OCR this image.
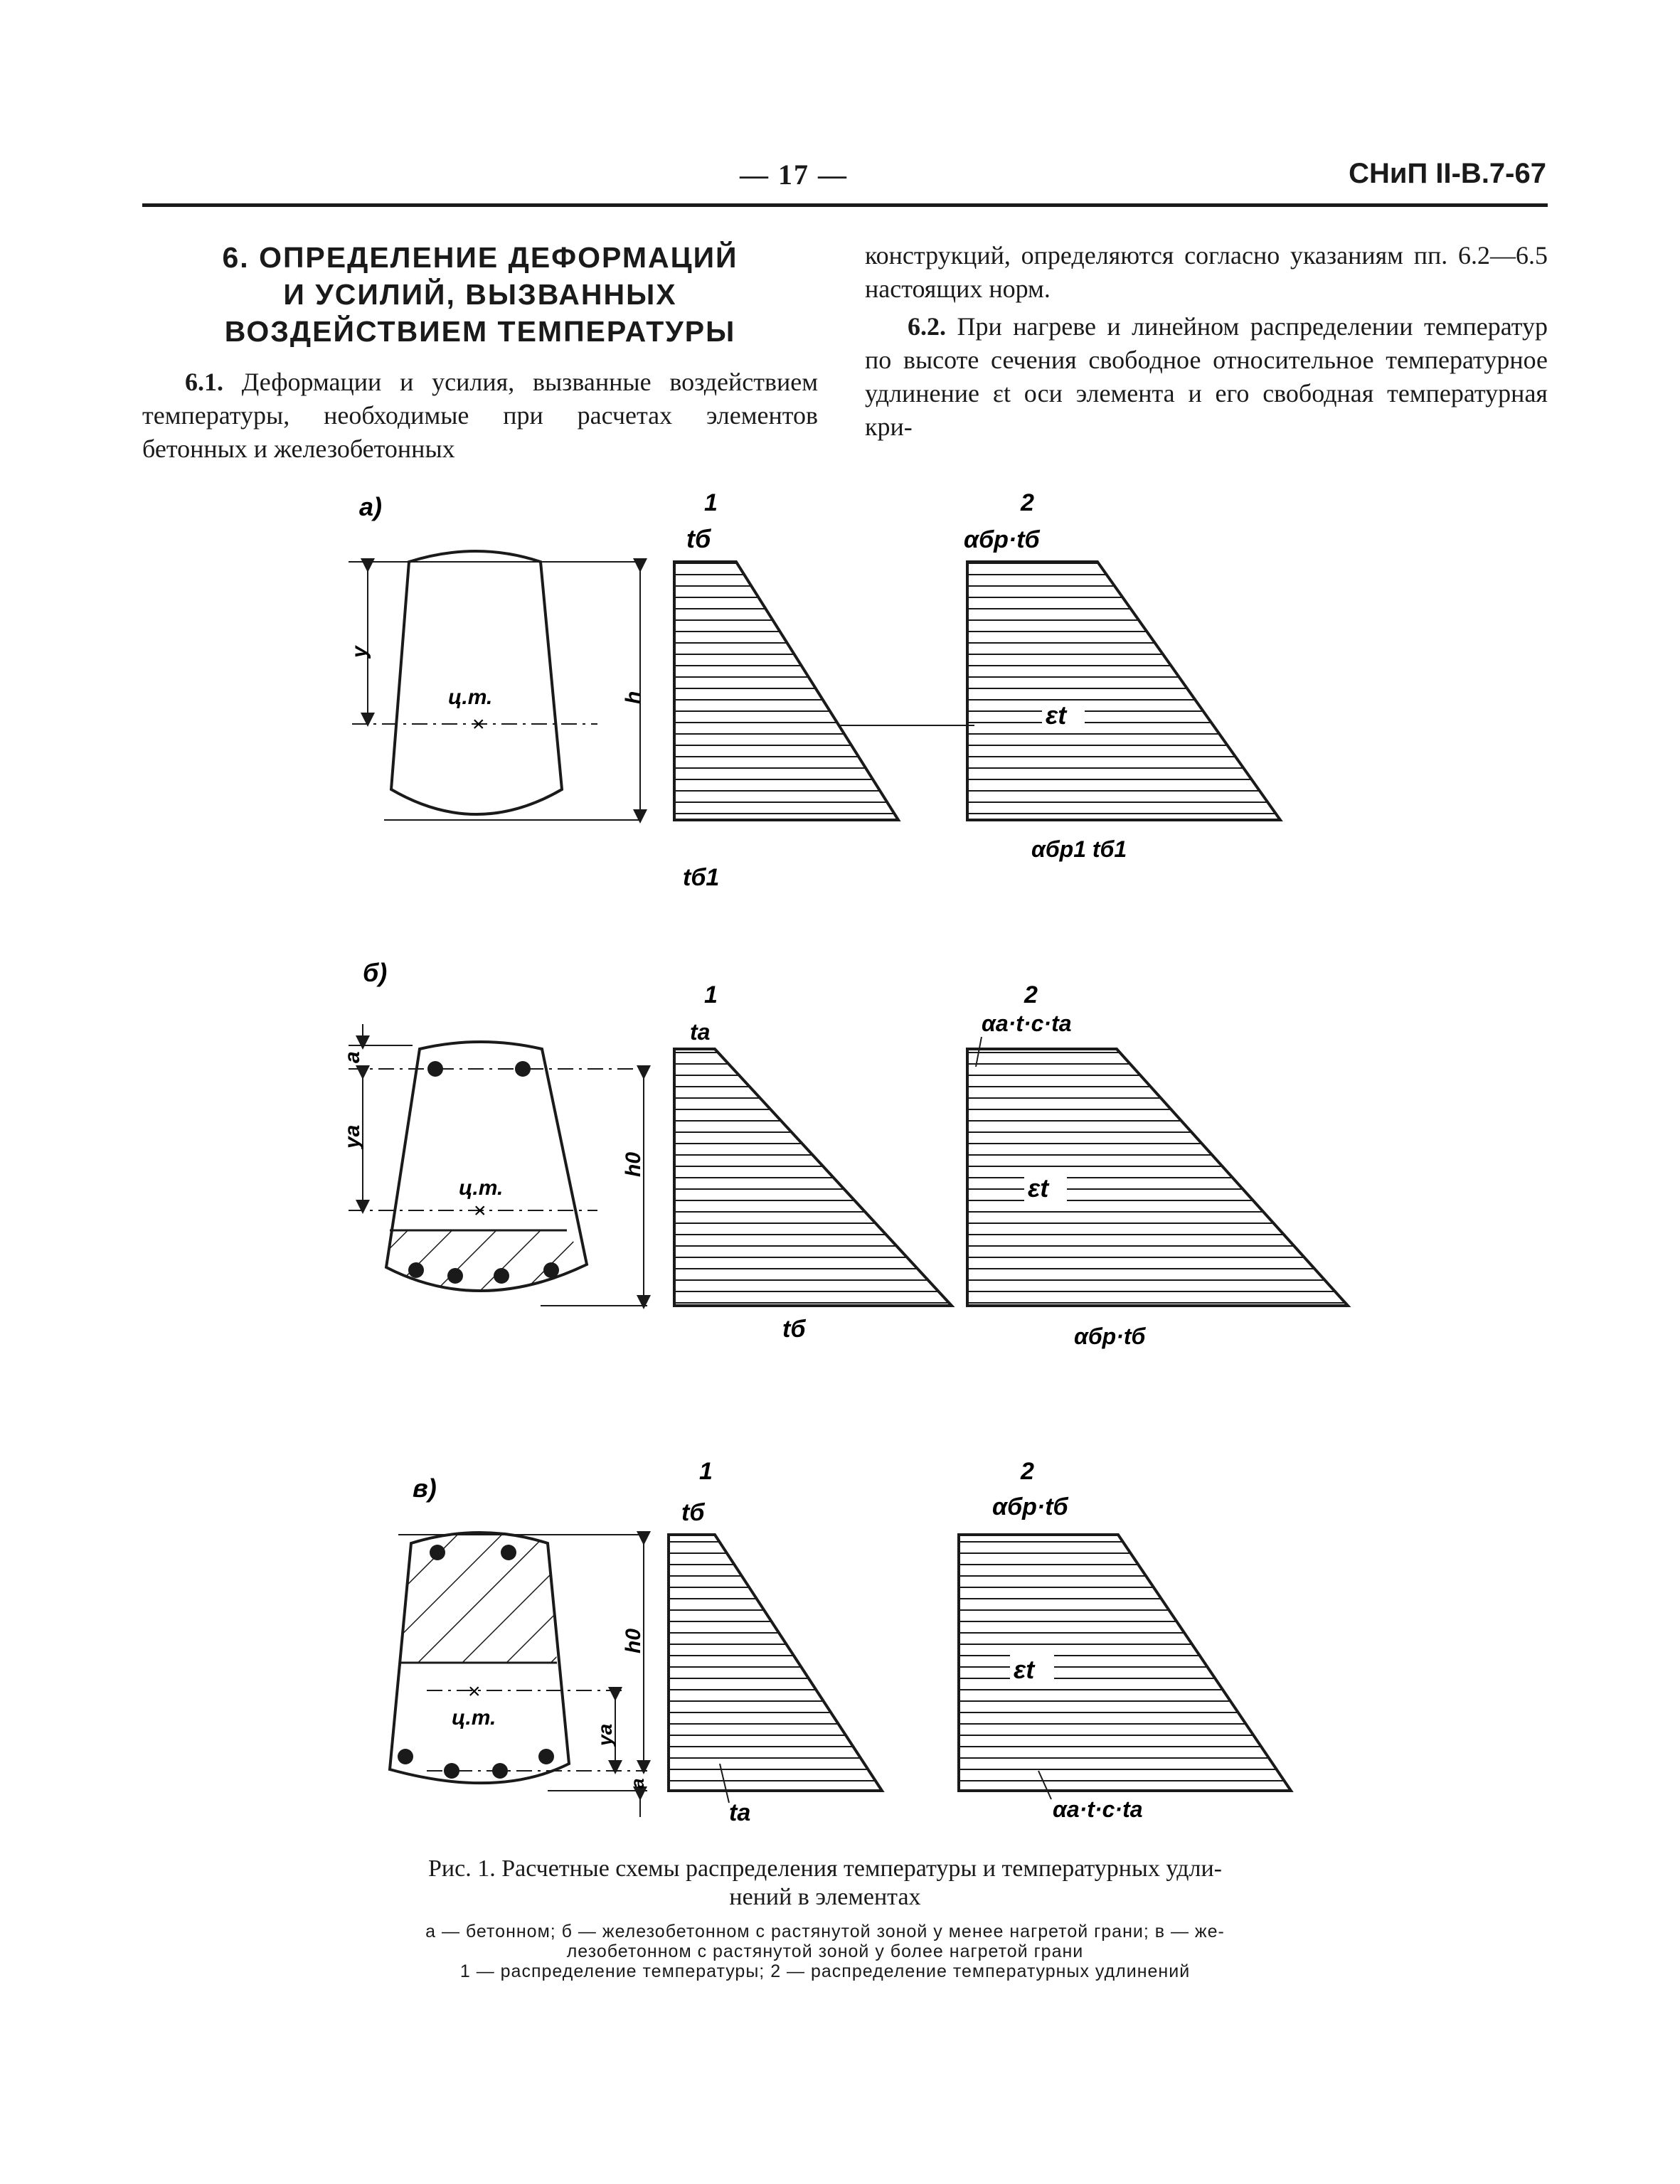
— 17 —	СНиП II-В.7-67
6. ОПРЕДЕЛЕНИЕ ДЕФОРМАЦИЙ
И УСИЛИЙ, ВЫЗВАННЫХ
ВОЗДЕЙСТВИЕМ ТЕМПЕРАТУРЫ

6.1. Деформации и усилия, вызванные воздействием температуры, необходимые при расчетах элементов бетонных и железобетонных

конструкций, определяются согласно указаниям пп. 6.2—6.5 настоящих норм.

6.2. При нагреве и линейном распределении температур по высоте сечения свободное относительное температурное удлинение εt оси элемента и его свободная температурная кри-

а)	1	2
y
h
ц.т.
×
tб
tб1
αбр·tб
αбр1 tб1
εt
б)
1	2
a
ya
h0
ц.т.
×
ta
tб
αa·t·c·ta
αбр·tб
εt
в)
1	2
h0
ya
a
ц.т.
×
tб
ta
αбр·tб
αa·t·c·ta
εt
Рис. 1. Расчетные схемы распределения температуры и температурных удли-
нений в элементах
а — бетонном; б — железобетонном с растянутой зоной у менее нагретой грани; в — же-
лезобетонном с растянутой зоной у более нагретой грани
1 — распределение температуры; 2 — распределение температурных удлинений
